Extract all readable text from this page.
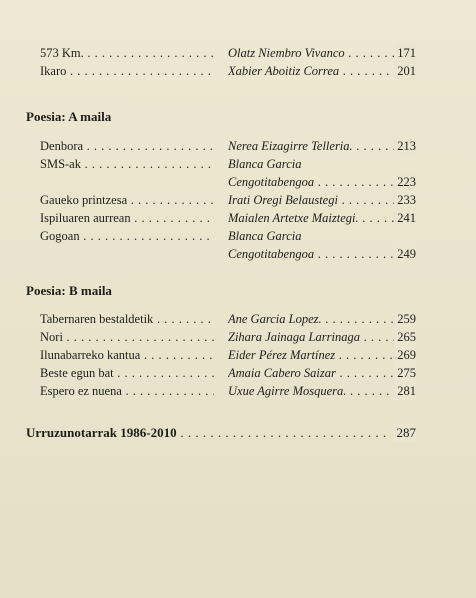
573 Km. . . .	Olatz Niembro Vivanco . . .	171
Ikaro . . .	Xabier Aboitiz Correa . . .	201
Poesia: A maila
Denbora . . .	Nerea Eizagirre Telleria. . . .	213
SMS-ak . . .	Blanca Garcia
Cengotitabengoa . . .	223
Gaueko printzesa . . .	Irati Oregi Belaustegi . . .	233
Ispiluaren aurrean . . .	Maialen Artetxe Maiztegi. . . .	241
Gogoan . . .	Blanca Garcia
Cengotitabengoa . . .	249
Poesia: B maila
Tabernaren bestaldetik . . .	Ane Garcia Lopez. . . .	259
Nori . . .	Zihara Jainaga Larrinaga . . .	265
Ilunabarreko kantua . . .	Eider Pérez Martínez . . .	269
Beste egun bat . . .	Amaia Cabero Saizar . . .	275
Espero ez nuena . . .	Uxue Agirre Mosquera. . . .	281
Urruzunotarrak 1986-2010 . . .	287
